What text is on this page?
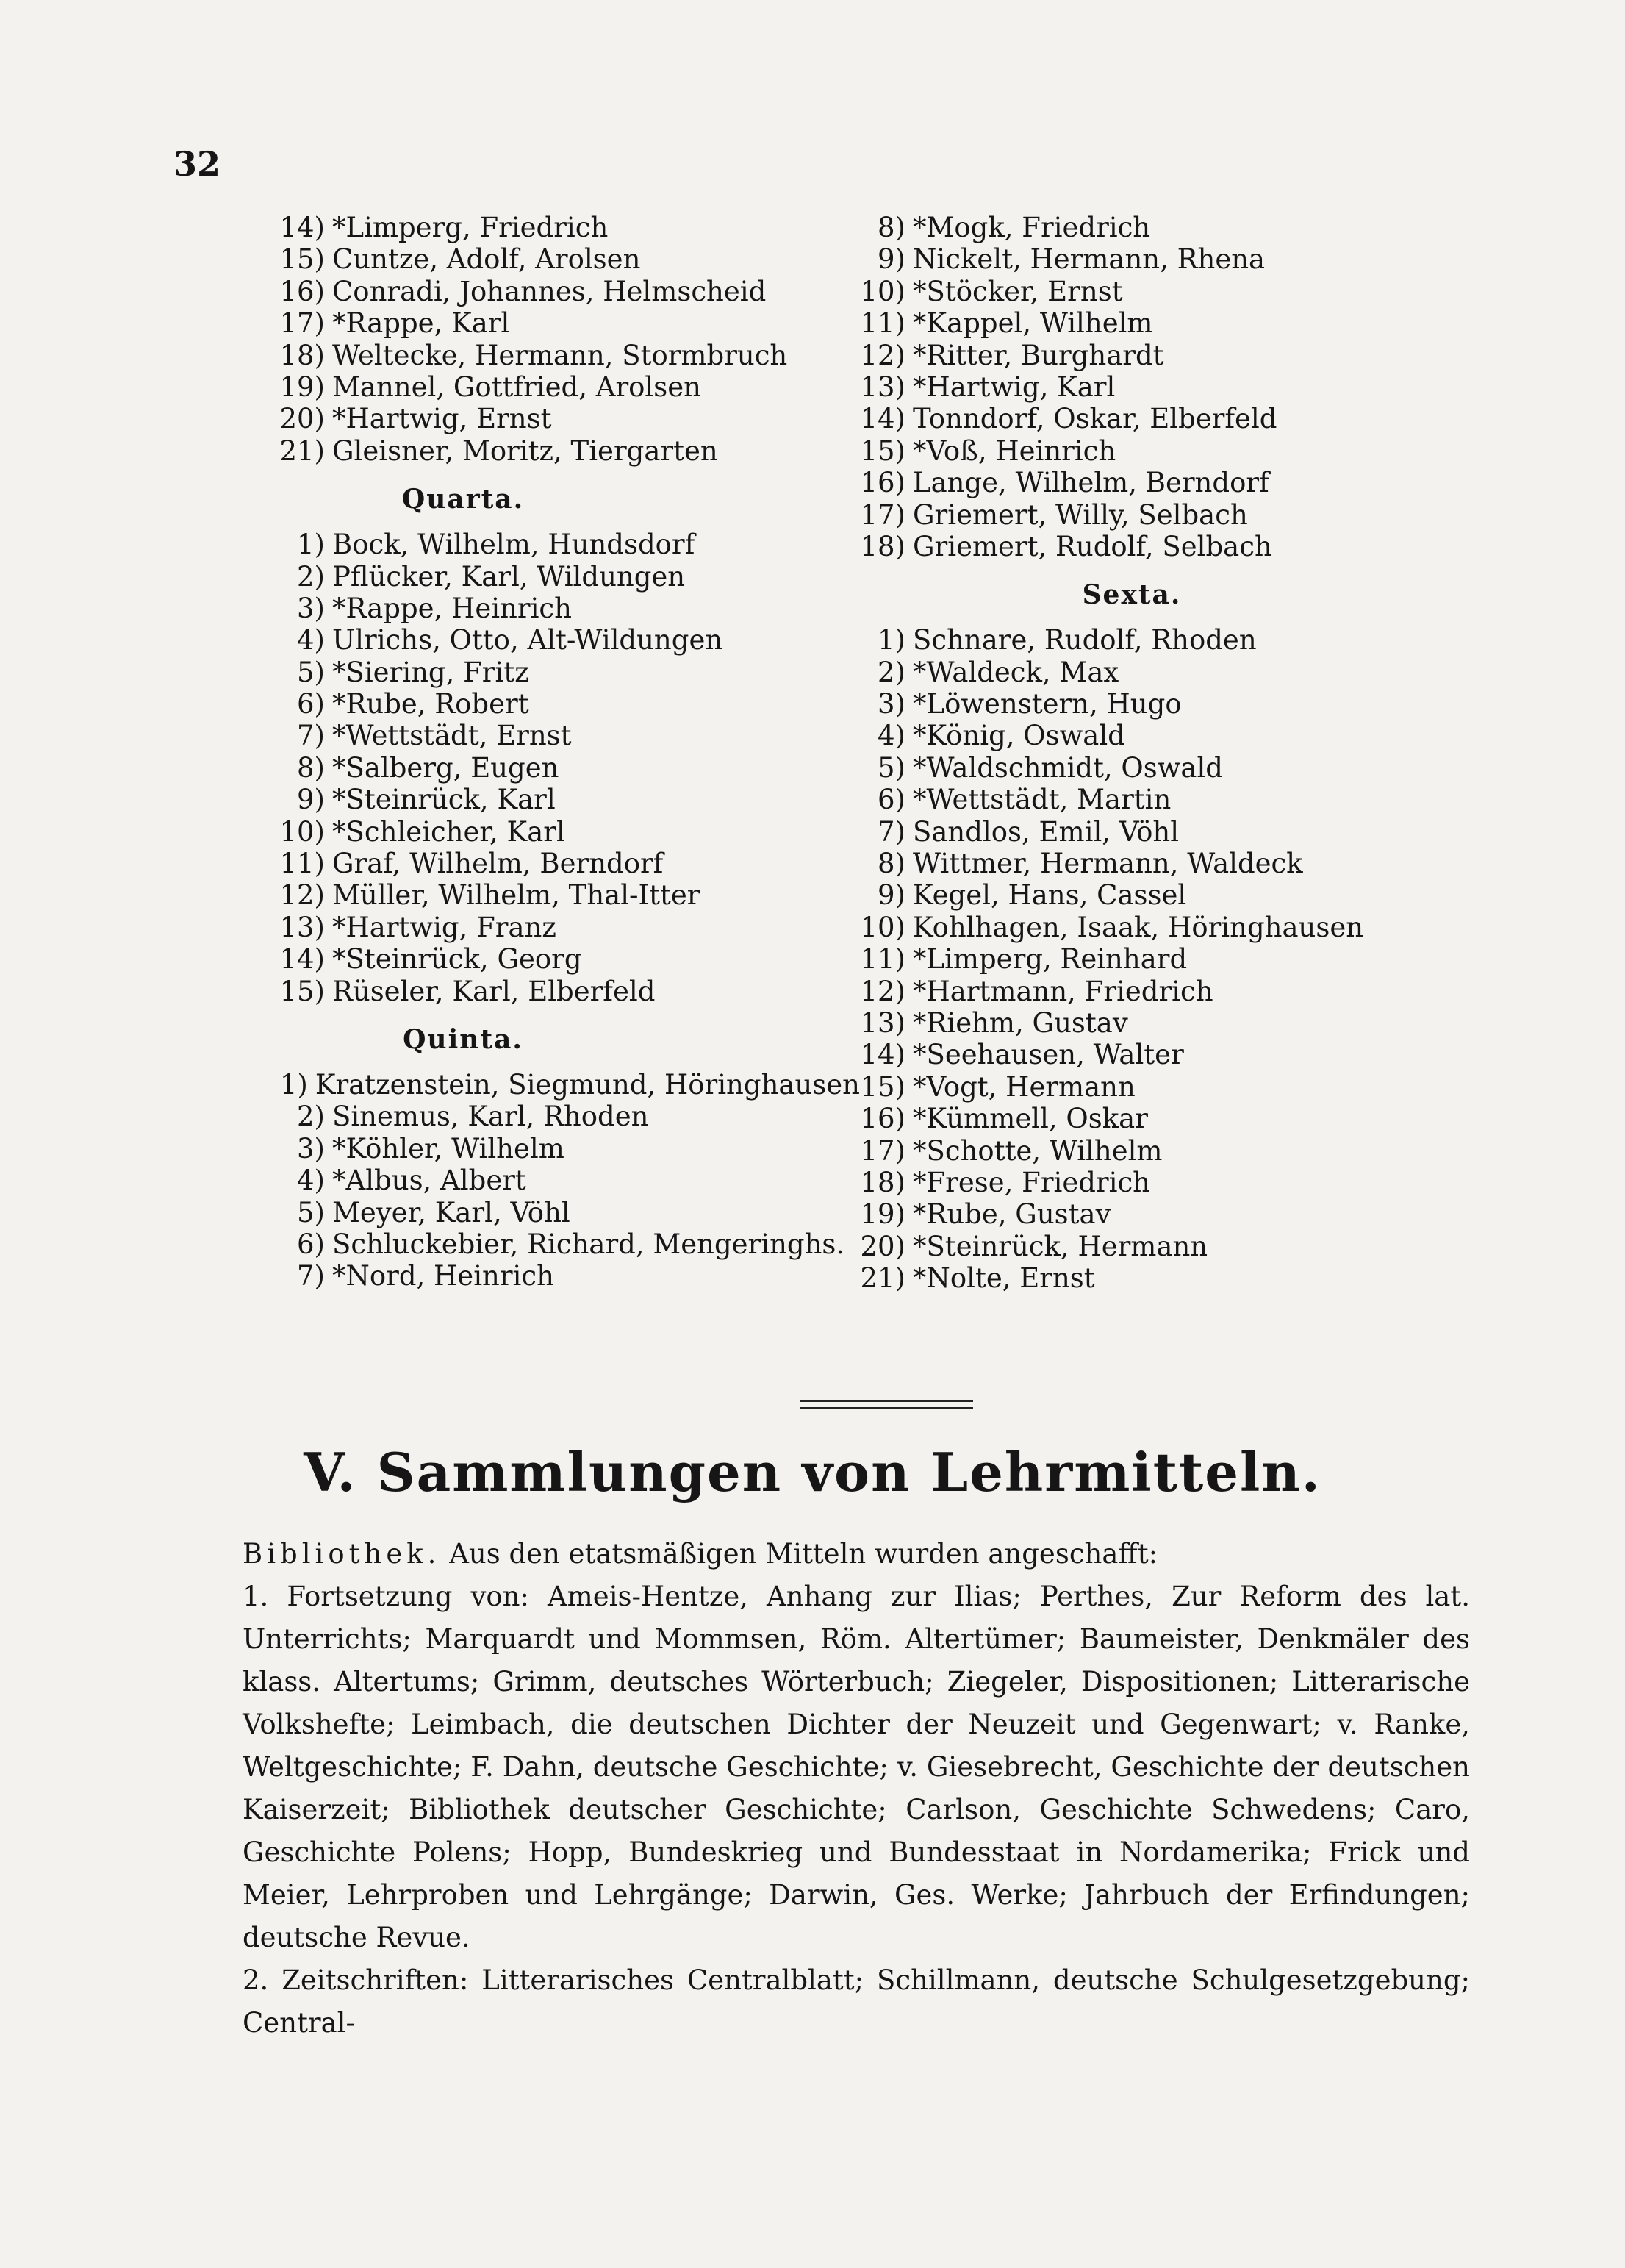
32
14) *Limperg, Friedrich
15) Cuntze, Adolf, Arolsen
16) Conradi, Johannes, Helmscheid
17) *Rappe, Karl
18) Weltecke, Hermann, Stormbruch
19) Mannel, Gottfried, Arolsen
20) *Hartwig, Ernst
21) Gleisner, Moritz, Tiergarten
Quarta.
1) Bock, Wilhelm, Hundsdorf
2) Pflücker, Karl, Wildungen
3) *Rappe, Heinrich
4) Ulrichs, Otto, Alt-Wildungen
5) *Siering, Fritz
6) *Rube, Robert
7) *Wettstädt, Ernst
8) *Salberg, Eugen
9) *Steinrück, Karl
10) *Schleicher, Karl
11) Graf, Wilhelm, Berndorf
12) Müller, Wilhelm, Thal-Itter
13) *Hartwig, Franz
14) *Steinrück, Georg
15) Rüseler, Karl, Elberfeld
Quinta.
1) Kratzenstein, Siegmund, Höringhausen
2) Sinemus, Karl, Rhoden
3) *Köhler, Wilhelm
4) *Albus, Albert
5) Meyer, Karl, Vöhl
6) Schluckebier, Richard, Mengeringhs.
7) *Nord, Heinrich
8) *Mogk, Friedrich
9) Nickelt, Hermann, Rhena
10) *Stöcker, Ernst
11) *Kappel, Wilhelm
12) *Ritter, Burghardt
13) *Hartwig, Karl
14) Tonndorf, Oskar, Elberfeld
15) *Voß, Heinrich
16) Lange, Wilhelm, Berndorf
17) Griemert, Willy, Selbach
18) Griemert, Rudolf, Selbach
Sexta.
1) Schnare, Rudolf, Rhoden
2) *Waldeck, Max
3) *Löwenstern, Hugo
4) *König, Oswald
5) *Waldschmidt, Oswald
6) *Wettstädt, Martin
7) Sandlos, Emil, Vöhl
8) Wittmer, Hermann, Waldeck
9) Kegel, Hans, Cassel
10) Kohlhagen, Isaak, Höringhausen
11) *Limperg, Reinhard
12) *Hartmann, Friedrich
13) *Riehm, Gustav
14) *Seehausen, Walter
15) *Vogt, Hermann
16) *Kümmell, Oskar
17) *Schotte, Wilhelm
18) *Frese, Friedrich
19) *Rube, Gustav
20) *Steinrück, Hermann
21) *Nolte, Ernst
V. Sammlungen von Lehrmitteln.

Bibliothek. Aus den etatsmäßigen Mitteln wurden angeschafft:

1. Fortsetzung von: Ameis-Hentze, Anhang zur Ilias; Perthes, Zur Reform des lat. Unterrichts; Marquardt und Mommsen, Röm. Altertümer; Baumeister, Denkmäler des klass. Altertums; Grimm, deutsches Wörterbuch; Ziegeler, Dispositionen; Litterarische Volkshefte; Leimbach, die deutschen Dichter der Neuzeit und Gegenwart; v. Ranke, Weltgeschichte; F. Dahn, deutsche Geschichte; v. Giesebrecht, Geschichte der deutschen Kaiserzeit; Bibliothek deutscher Geschichte; Carlson, Geschichte Schwedens; Caro, Geschichte Polens; Hopp, Bundeskrieg und Bundesstaat in Nordamerika; Frick und Meier, Lehrproben und Lehrgänge; Darwin, Ges. Werke; Jahrbuch der Erfindungen; deutsche Revue.

2. Zeitschriften: Litterarisches Centralblatt; Schillmann, deutsche Schulgesetzgebung; Central-
